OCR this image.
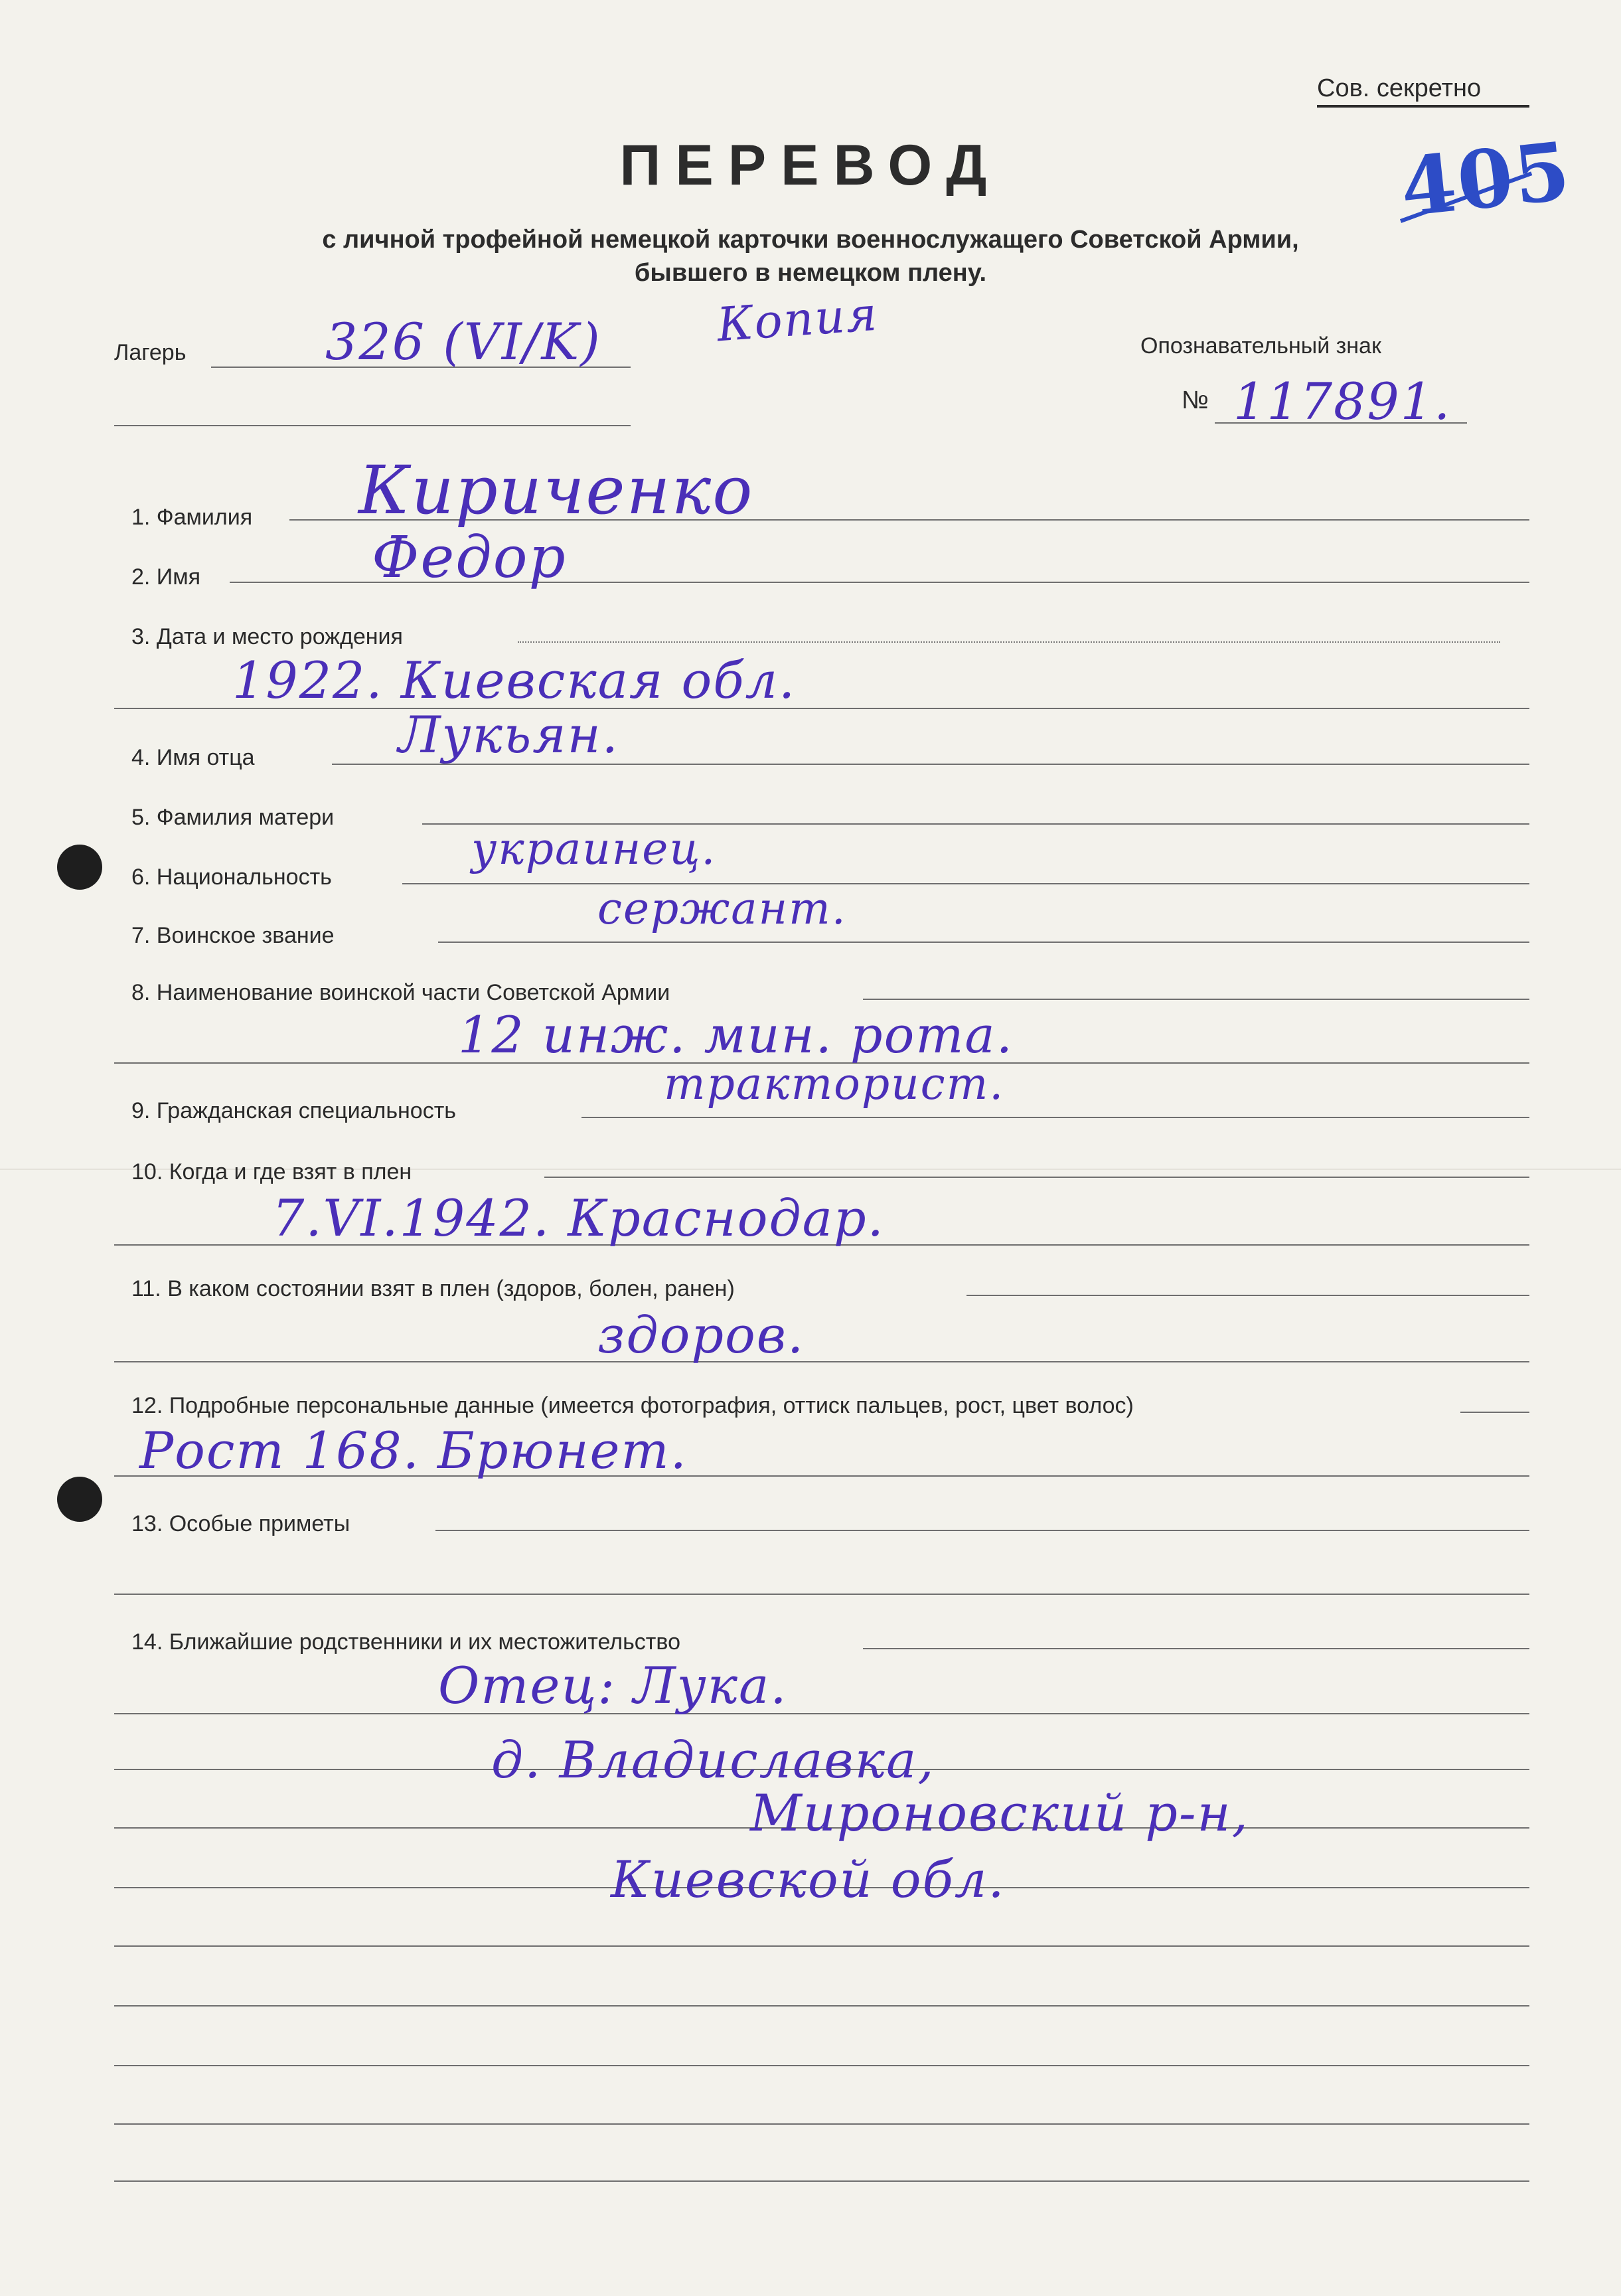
Сов. секретно
405
ПЕРЕВОД
с личной трофейной немецкой карточки военнослужащего Советской Армии,
бывшего в немецком плену.
Лагерь	326 (VI/K) Копия	Опознавательный знак
№ 117891.
1. Фамилия Кириченко
2. Имя	Федор
3. Дата и место рождения
1922. Киевская обл.
4. Имя отца	Лукьян.
5. Фамилия матери
6. Национальность
украинец.
7. Воинское звание
сержант.
8. Наименование воинской части Советской Армии
12 инж. мин. рота.
9. Гражданская специальность
тракторист.
10. Когда и где взят в плен
7.VI.1942. Краснодар.
11. В каком состоянии взят в плен (здоров, болен, ранен)
здоров.
12. Подробные персональные данные (имеется фотография, оттиск пальцев, рост, цвет волос)
Рост 168. Брюнет.
13. Особые приметы
14. Ближайшие родственники и их местожительство
Отец: Лука.
д. Владиславка,
Мироновский р-н,
Киевской обл.
